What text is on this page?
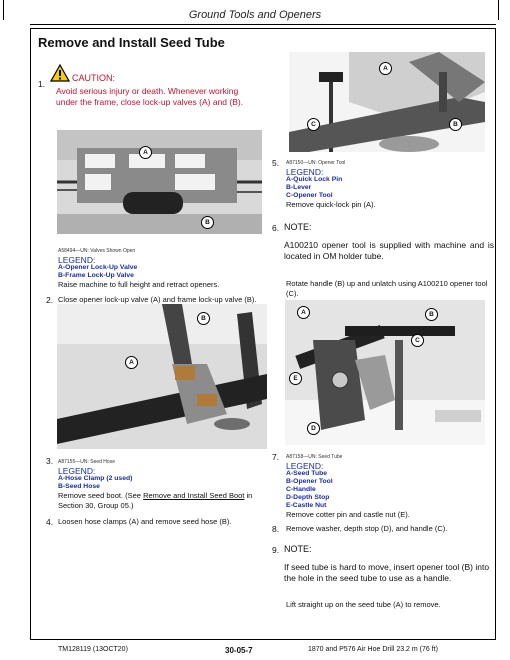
Ground Tools and Openers
Remove and Install Seed Tube
1.
CAUTION:
Avoid serious injury or death. Whenever working under the frame, close lock-up valves (A) and (B).
A
B
A58494—UN: Valves Shown Open
LEGEND:
A-Opener Lock-Up Valve
B-Frame Lock-Up Valve
Raise machine to full height and retract openers.
2. Close opener lock-up valve (A) and frame lock-up valve (B).
A
C	B
5. A87150—UN: Opener Tool
LEGEND:
A-Quick Lock Pin
B-Lever
C-Opener Tool
Remove quick-lock pin (A).
6. NOTE:
A100210 opener tool is supplied with machine and is located in OM holder tube.
Rotate handle (B) up and unlatch using A100210 opener tool (C).
B
A
3. A87155—UN: Seed Hose
LEGEND:
A-Hose Clamp (2 used)
B-Seed Hose
Remove seed boot. (See Remove and Install Seed Boot in Section 30, Group 05.)
4. Loosen hose clamps (A) and remove seed hose (B).
A	B
C
D
E
7. A87158—UN: Seed Tube
LEGEND:
A-Seed Tube
B-Opener Tool
C-Handle
D-Depth Stop
E-Castle Nut
Remove cotter pin and castle nut (E).
8. Remove washer, depth stop (D), and handle (C).
9. NOTE:
If seed tube is hard to move, insert opener tool (B) into the hole in the seed tube to use as a handle.
Lift straight up on the seed tube (A) to remove.
TM128119 (13OCT20)	30-05-7	1870 and P576 Air Hoe Drill 23.2 m (76 ft)
